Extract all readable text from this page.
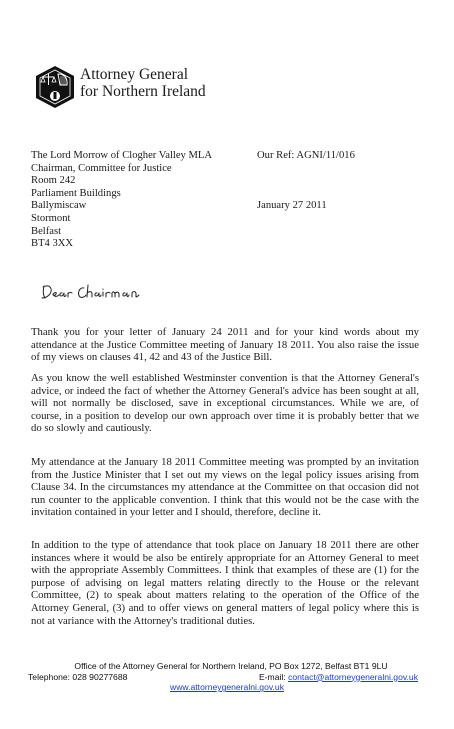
Attorney General
for Northern Ireland
The Lord Morrow of Clogher Valley MLA
Chairman, Committee for Justice
Room 242
Parliament Buildings
Ballymiscaw
Stormont
Belfast
BT4 3XX
Our Ref: AGNI/11/016
January 27 2011
Thank you for your letter of January 24 2011 and for your kind words about my attendance at the Justice Committee meeting of January 18 2011. You also raise the issue of my views on clauses 41, 42 and 43 of the Justice Bill.
As you know the well established Westminster convention is that the Attorney General's advice, or indeed the fact of whether the Attorney General's advice has been sought at all, will not normally be disclosed, save in exceptional circumstances. While we are, of course, in a position to develop our own approach over time it is probably better that we do so slowly and cautiously.
My attendance at the January 18 2011 Committee meeting was prompted by an invitation from the Justice Minister that I set out my views on the legal policy issues arising from Clause 34. In the circumstances my attendance at the Committee on that occasion did not run counter to the applicable convention. I think that this would not be the case with the invitation contained in your letter and I should, therefore, decline it.
In addition to the type of attendance that took place on January 18 2011 there are other instances where it would be also be entirely appropriate for an Attorney General to meet with the appropriate Assembly Committees. I think that examples of these are (1) for the purpose of advising on legal matters relating directly to the House or the relevant Committee, (2) to speak about matters relating to the operation of the Office of the Attorney General, (3) and to offer views on general matters of legal policy where this is not at variance with the Attorney's traditional duties.
Office of the Attorney General for Northern Ireland, PO Box 1272, Belfast BT1 9LU
Telephone: 028 90277688	E-mail: contact@attorneygeneralni.gov.uk
www.attorneygeneralni.gov.uk
